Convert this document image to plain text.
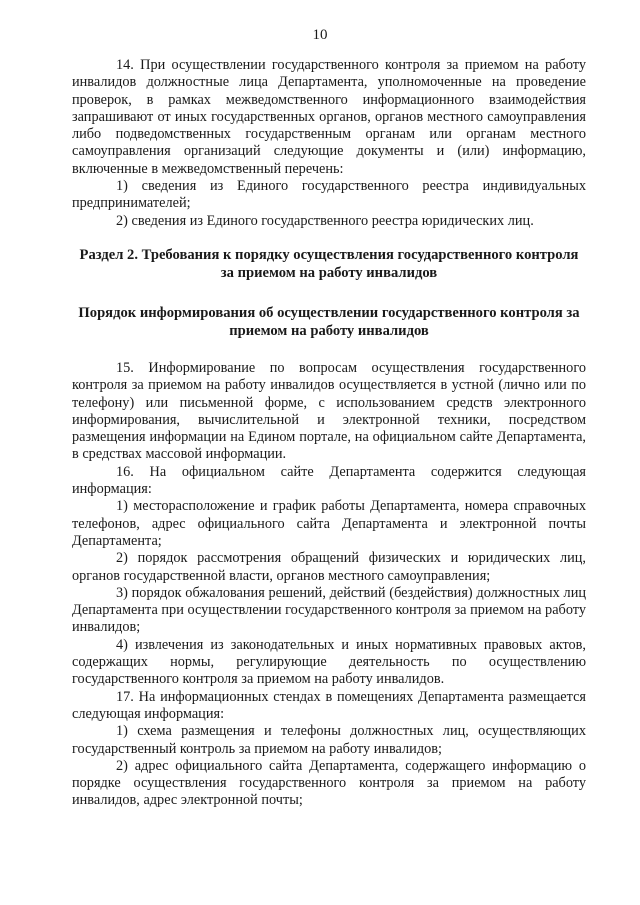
10

14. При осуществлении государственного контроля за приемом на работу инвалидов должностные лица Департамента, уполномоченные на проведение проверок, в рамках межведомственного информационного взаимодействия запрашивают от иных государственных органов, органов местного самоуправления либо подведомственных государственным органам или органам местного самоуправления организаций следующие документы и (или) информацию, включенные в межведомственный перечень:

1) сведения из Единого государственного реестра индивидуальных предпринимателей;

2) сведения из Единого государственного реестра юридических лиц.

Раздел 2. Требования к порядку осуществления государственного контроля за приемом на работу инвалидов

Порядок информирования об осуществлении государственного контроля за приемом на работу инвалидов

15. Информирование по вопросам осуществления государственного контроля за приемом на работу инвалидов осуществляется в устной (лично или по телефону) или письменной форме, с использованием средств электронного информирования, вычислительной и электронной техники, посредством размещения информации на Едином портале, на официальном сайте Департамента, в средствах массовой информации.

16. На официальном сайте Департамента содержится следующая информация:

1) месторасположение и график работы Департамента, номера справочных телефонов, адрес официального сайта Департамента и электронной почты Департамента;

2) порядок рассмотрения обращений физических и юридических лиц, органов государственной власти, органов местного самоуправления;

3) порядок обжалования решений, действий (бездействия) должностных лиц Департамента при осуществлении государственного контроля за приемом на работу инвалидов;

4) извлечения из законодательных и иных нормативных правовых актов, содержащих нормы, регулирующие деятельность по осуществлению государственного контроля за приемом на работу инвалидов.

17. На информационных стендах в помещениях Департамента размещается следующая информация:

1) схема размещения и телефоны должностных лиц, осуществляющих государственный контроль за приемом на работу инвалидов;

2) адрес официального сайта Департамента, содержащего информацию о порядке осуществления государственного контроля за приемом на работу инвалидов, адрес электронной почты;
